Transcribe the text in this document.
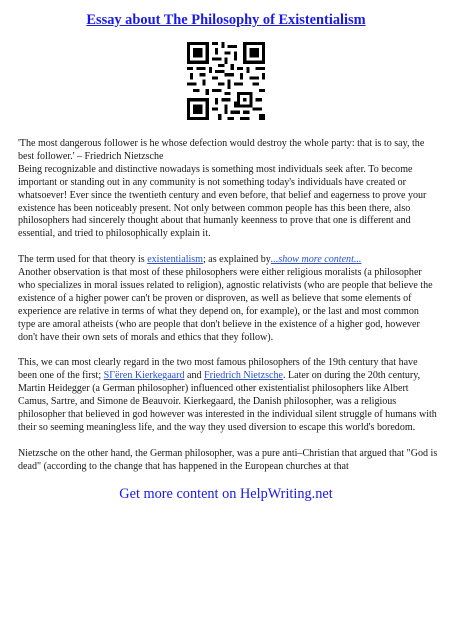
Essay about The Philosophy of Existentialism

'The most dangerous follower is he whose defection would destroy the whole party: that is to say, the best follower.' – Friedrich Nietzsche
Being recognizable and distinctive nowadays is something most individuals seek after. To become important or standing out in any community is not something today's individuals have created or whatsoever! Ever since the twentieth century and even before, that belief and eagerness to prove your existence has been noticeably present. Not only between common people has this been there, also philosophers had sincerely thought about that humanly keenness to prove that one is different and essential, and tried to philosophically explain it.

The term used for that theory is existentialism; as explained by...show more content...
Another observation is that most of these philosophers were either religious moralists (a philosopher who specializes in moral issues related to religion), agnostic relativists (who are people that believe the existence of a higher power can't be proven or disproven, as well as believe that some elements of experience are relative in terms of what they depend on, for example), or the last and most common type are amoral atheists (who are people that don't believe in the existence of a higher god, however don't have their own sets of morals and ethics that they follow).

This, we can most clearly regard in the two most famous philosophers of the 19th century that have been one of the first; SГёren Kierkegaard and Friedrich Nietzsche. Later on during the 20th century, Martin Heidegger (a German philosopher) influenced other existentialist philosophers like Albert Camus, Sartre, and Simone de Beauvoir. Kierkegaard, the Danish philosopher, was a religious philosopher that believed in god however was interested in the individual silent struggle of humans with their so seeming meaningless life, and the way they used diversion to escape this world's boredom.

Nietzsche on the other hand, the German philosopher, was a pure anti–Christian that argued that "God is dead" (according to the change that has happened in the European churches at that

Get more content on HelpWriting.net
